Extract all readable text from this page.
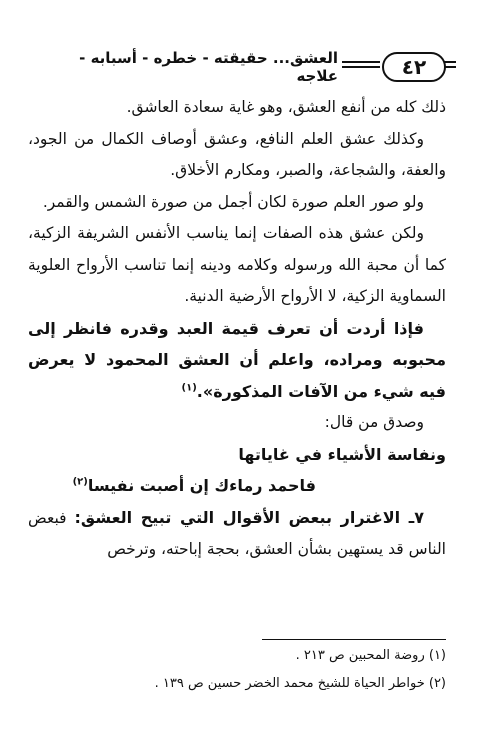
٤٢
العشق... حقيقته - خطره - أسبابه - علاجه

ذلك كله من أنفع العشق، وهو غاية سعادة العاشق.

وكذلك عشق العلم النافع، وعشق أوصاف الكمال من الجود، والعفة، والشجاعة، والصبر، ومكارم الأخلاق.

ولو صور العلم صورة لكان أجمل من صورة الشمس والقمر.

ولكن عشق هذه الصفات إنما يناسب الأنفس الشريفة الزكية، كما أن محبة الله ورسوله وكلامه ودينه إنما تناسب الأرواح العلوية السماوية الزكية، لا الأرواح الأرضية الدنية.

فإذا أردت أن تعرف قيمة العبد وقدره فانظر إلى محبوبه ومراده، واعلم أن العشق المحمود لا يعرض فيه شيء من الآفات المذكورة».$^{(١)}$

وصدق من قال:

ونفاسة الأشياء في غاياتها

فاحمد رماءك إن أصبت نفيسا$^{(٢)}$

٧ـ الاغترار ببعض الأقوال التي تبيح العشق: فبعض الناس قد يستهين بشأن العشق، بحجة إباحته، وترخص

(١) روضة المحبين ص ٢١٣ .

(٢) خواطر الحياة للشيخ محمد الخضر حسين ص ١٣٩ .
